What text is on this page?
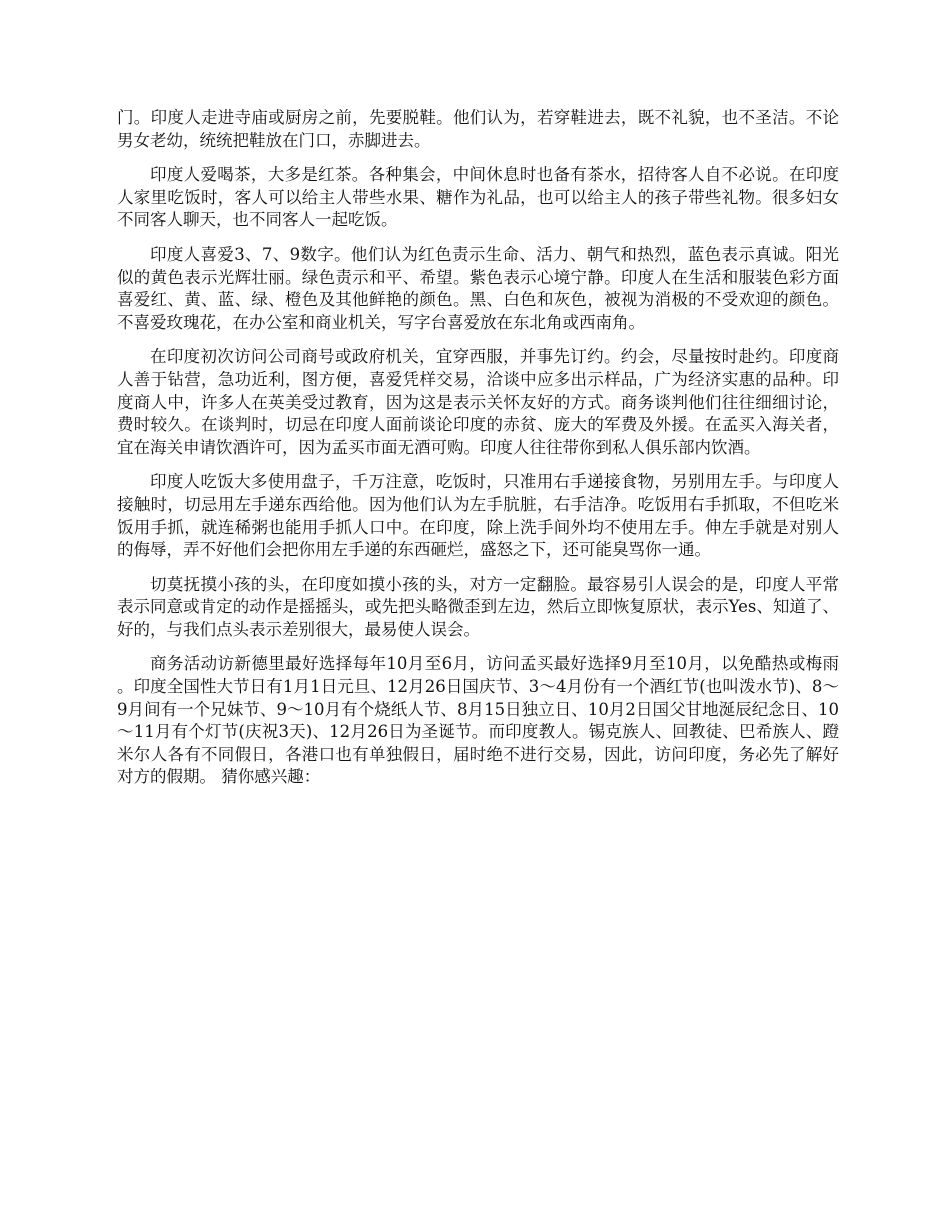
门。印度人走进寺庙或厨房之前，先要脱鞋。他们认为，若穿鞋进去，既不礼貌，也不圣洁。不论男女老幼，统统把鞋放在门口，赤脚进去。

印度人爱喝茶，大多是红茶。各种集会，中间休息时也备有茶水，招待客人自不必说。在印度人家里吃饭时，客人可以给主人带些水果、糖作为礼品，也可以给主人的孩子带些礼物。很多妇女不同客人聊天，也不同客人一起吃饭。

印度人喜爱3、7、9数字。他们认为红色责示生命、活力、朝气和热烈，蓝色表示真诚。阳光似的黄色表示光辉壮丽。绿色责示和平、希望。紫色表示心境宁静。印度人在生活和服装色彩方面喜爱红、黄、蓝、绿、橙色及其他鲜艳的颜色。黑、白色和灰色，被视为消极的不受欢迎的颜色。不喜爱玫瑰花，在办公室和商业机关，写字台喜爱放在东北角或西南角。

在印度初次访问公司商号或政府机关，宜穿西服，并事先订约。约会，尽量按时赴约。印度商人善于钻营，急功近利，图方便，喜爱凭样交易，洽谈中应多出示样品，广为经济实惠的品种。印度商人中，许多人在英美受过教育，因为这是表示关怀友好的方式。商务谈判他们往往细细讨论，费时较久。在谈判时，切忌在印度人面前谈论印度的赤贫、庞大的军费及外援。在孟买入海关者，宜在海关申请饮酒许可，因为孟买市面无酒可购。印度人往往带你到私人俱乐部内饮酒。

印度人吃饭大多使用盘子，千万注意，吃饭时，只准用右手递接食物，另别用左手。与印度人接触时，切忌用左手递东西给他。因为他们认为左手肮脏，右手洁净。吃饭用右手抓取，不但吃米饭用手抓，就连稀粥也能用手抓人口中。在印度，除上洗手间外均不使用左手。伸左手就是对别人的侮辱，弄不好他们会把你用左手递的东西砸烂，盛怒之下，还可能臭骂你一通。

切莫抚摸小孩的头，在印度如摸小孩的头，对方一定翻脸。最容易引人误会的是，印度人平常表示同意或肯定的动作是摇摇头，或先把头略微歪到左边，然后立即恢复原状，表示Yes、知道了、好的，与我们点头表示差别很大，最易使人误会。

商务活动访新德里最好选择每年10月至6月，访问孟买最好选择9月至10月，以免酷热或梅雨。印度全国性大节日有1月1日元旦、12月26日国庆节、3～4月份有一个酒红节(也叫泼水节)、8～9月间有一个兄妹节、9～10月有个烧纸人节、8月15日独立日、10月2日国父甘地涎辰纪念日、10～11月有个灯节(庆祝3天)、12月26日为圣诞节。而印度教人。锡克族人、回教徒、巴希族人、蹬米尔人各有不同假日，各港口也有单独假日，届时绝不进行交易，因此，访问印度，务必先了解好对方的假期。 猜你感兴趣：
